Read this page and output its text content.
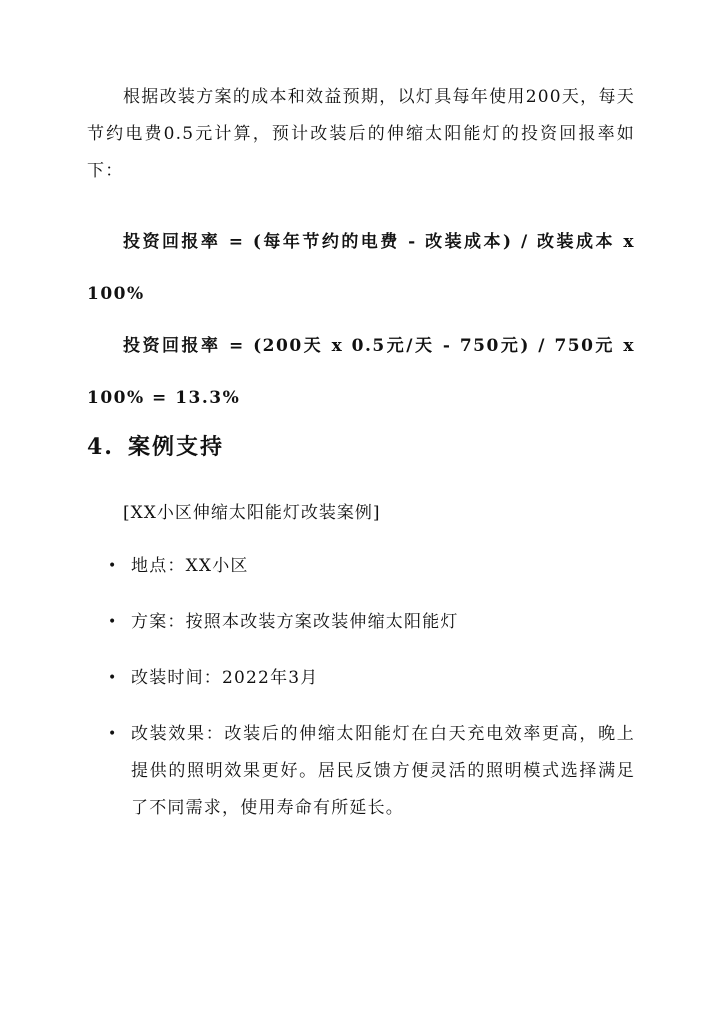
根据改装方案的成本和效益预期，以灯具每年使用200天，每天节约电费0.5元计算，预计改装后的伸缩太阳能灯的投资回报率如下：

投资回报率 = (每年节约的电费 - 改装成本) / 改装成本 x 100%

投资回报率 = (200天 x 0.5元/天 - 750元) / 750元 x 100% = 13.3%

4. 案例支持
[XX小区伸缩太阳能灯改装案例]
• 地点：XX小区
• 方案：按照本改装方案改装伸缩太阳能灯
• 改装时间：2022年3月
• 改装效果：改装后的伸缩太阳能灯在白天充电效率更高，晚上提供的照明效果更好。居民反馈方便灵活的照明模式选择满足了不同需求，使用寿命有所延长。
